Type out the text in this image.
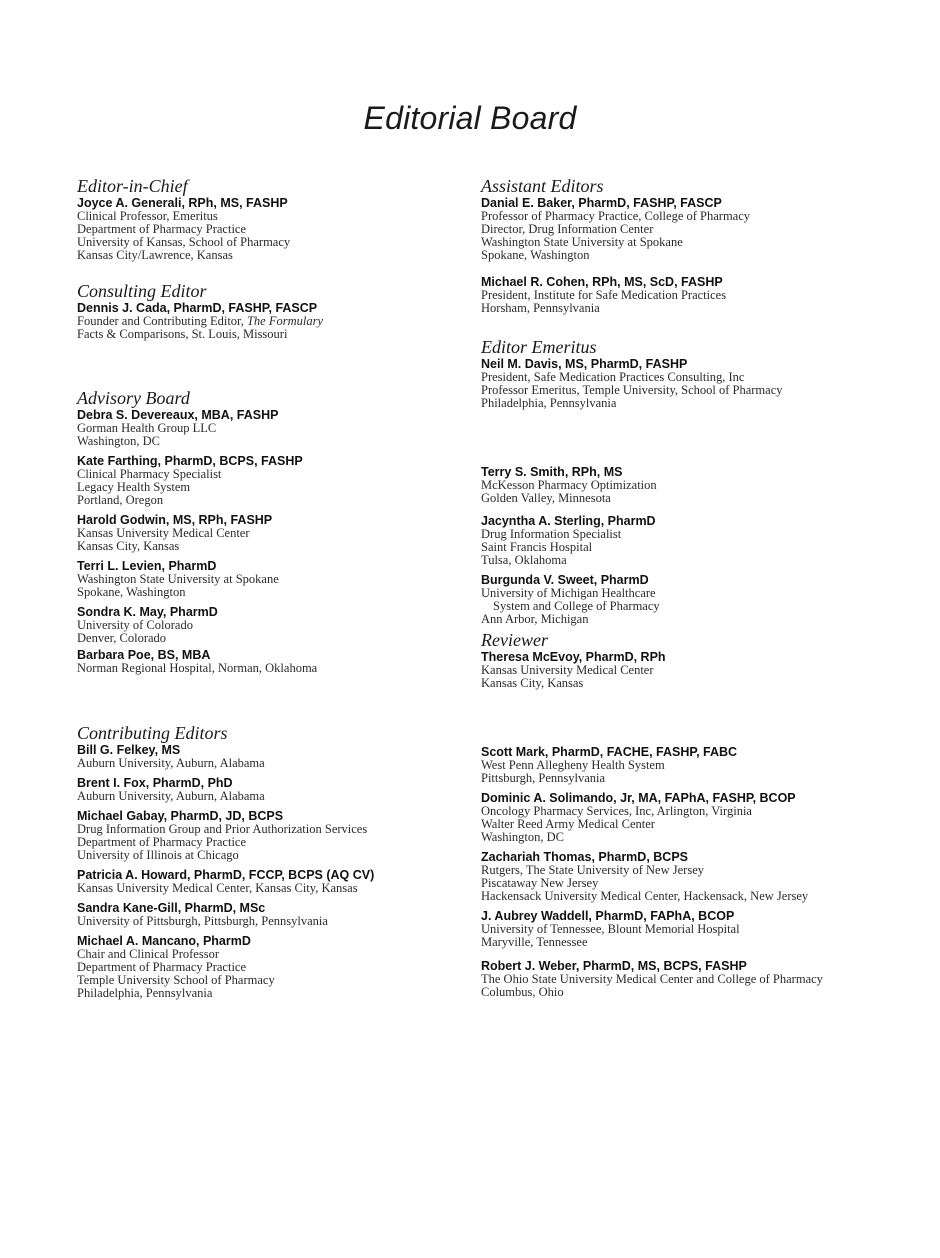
Editorial Board
Editor-in-Chief
Joyce A. Generali, RPh, MS, FASHP
Clinical Professor, Emeritus
Department of Pharmacy Practice
University of Kansas, School of Pharmacy
Kansas City/Lawrence, Kansas
Consulting Editor
Dennis J. Cada, PharmD, FASHP, FASCP
Founder and Contributing Editor, The Formulary
Facts & Comparisons, St. Louis, Missouri
Advisory Board
Debra S. Devereaux, MBA, FASHP
Gorman Health Group LLC
Washington, DC
Kate Farthing, PharmD, BCPS, FASHP
Clinical Pharmacy Specialist
Legacy Health System
Portland, Oregon
Harold Godwin, MS, RPh, FASHP
Kansas University Medical Center
Kansas City, Kansas
Terri L. Levien, PharmD
Washington State University at Spokane
Spokane, Washington
Sondra K. May, PharmD
University of Colorado
Denver, Colorado
Barbara Poe, BS, MBA
Norman Regional Hospital, Norman, Oklahoma
Assistant Editors
Danial E. Baker, PharmD, FASHP, FASCP
Professor of Pharmacy Practice, College of Pharmacy
Director, Drug Information Center
Washington State University at Spokane
Spokane, Washington
Michael R. Cohen, RPh, MS, ScD, FASHP
President, Institute for Safe Medication Practices
Horsham, Pennsylvania
Editor Emeritus
Neil M. Davis, MS, PharmD, FASHP
President, Safe Medication Practices Consulting, Inc
Professor Emeritus, Temple University, School of Pharmacy
Philadelphia, Pennsylvania
Terry S. Smith, RPh, MS
McKesson Pharmacy Optimization
Golden Valley, Minnesota
Jacyntha A. Sterling, PharmD
Drug Information Specialist
Saint Francis Hospital
Tulsa, Oklahoma
Burgunda V. Sweet, PharmD
University of Michigan Healthcare
System and College of Pharmacy
Ann Arbor, Michigan
Reviewer
Theresa McEvoy, PharmD, RPh
Kansas University Medical Center
Kansas City, Kansas
Contributing Editors
Bill G. Felkey, MS
Auburn University, Auburn, Alabama
Brent I. Fox, PharmD, PhD
Auburn University, Auburn, Alabama
Michael Gabay, PharmD, JD, BCPS
Drug Information Group and Prior Authorization Services
Department of Pharmacy Practice
University of Illinois at Chicago
Patricia A. Howard, PharmD, FCCP, BCPS (AQ CV)
Kansas University Medical Center, Kansas City, Kansas
Sandra Kane-Gill, PharmD, MSc
University of Pittsburgh, Pittsburgh, Pennsylvania
Michael A. Mancano, PharmD
Chair and Clinical Professor
Department of Pharmacy Practice
Temple University School of Pharmacy
Philadelphia, Pennsylvania
Scott Mark, PharmD, FACHE, FASHP, FABC
West Penn Allegheny Health System
Pittsburgh, Pennsylvania
Dominic A. Solimando, Jr, MA, FAPhA, FASHP, BCOP
Oncology Pharmacy Services, Inc, Arlington, Virginia
Walter Reed Army Medical Center
Washington, DC
Zachariah Thomas, PharmD, BCPS
Rutgers, The State University of New Jersey
Piscataway New Jersey
Hackensack University Medical Center, Hackensack, New Jersey
J. Aubrey Waddell, PharmD, FAPhA, BCOP
University of Tennessee, Blount Memorial Hospital
Maryville, Tennessee
Robert J. Weber, PharmD, MS, BCPS, FASHP
The Ohio State University Medical Center and College of Pharmacy
Columbus, Ohio
